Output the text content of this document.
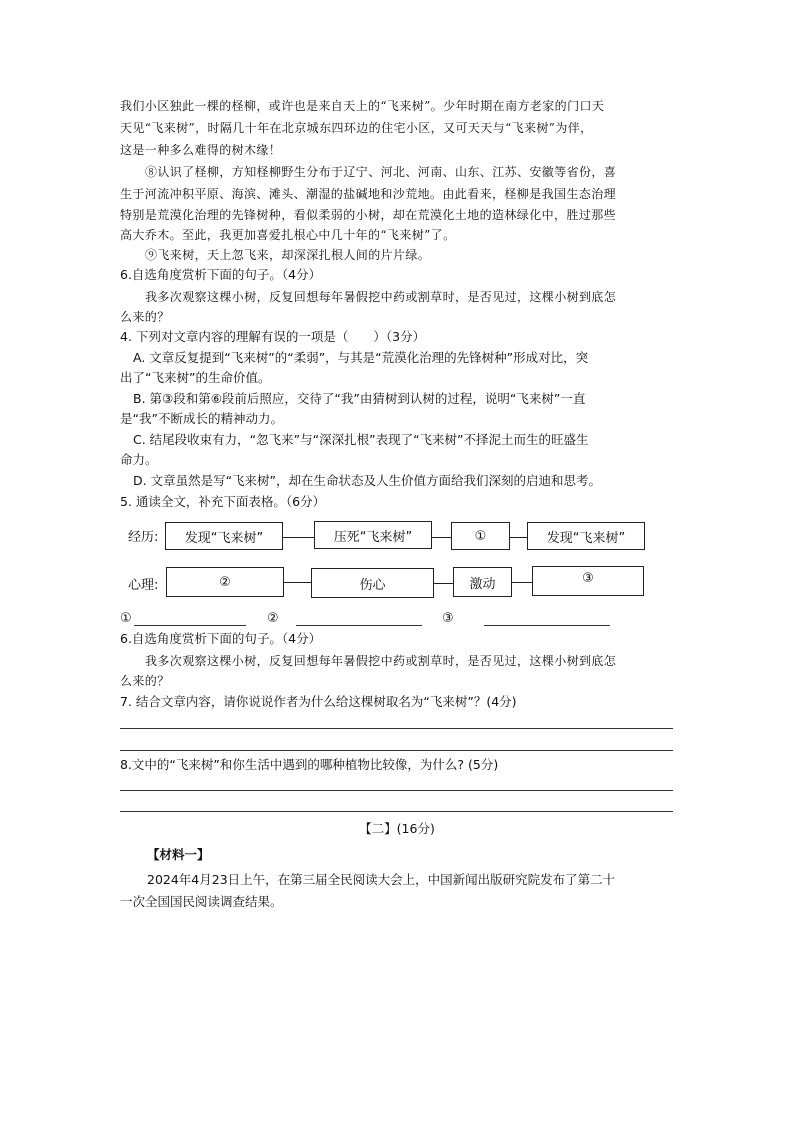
我们小区独此一棵的柽柳，或许也是来自天上的“飞来树”。少年时期在南方老家的门口天
天见“飞来树”，时隔几十年在北京城东四环边的住宅小区，又可天天与“飞来树”为伴，
这是一种多么难得的树木缘！
⑧认识了柽柳，方知柽柳野生分布于辽宁、河北、河南、山东、江苏、安徽等省份，喜
生于河流冲积平原、海滨、滩头、潮湿的盐碱地和沙荒地。由此看来，柽柳是我国生态治理
特别是荒漠化治理的先锋树种，看似柔弱的小树，却在荒漠化土地的造林绿化中，胜过那些
高大乔木。至此，我更加喜爱扎根心中几十年的“飞来树”了。
⑨飞来树，天上忽飞来，却深深扎根人间的片片绿。
6.自选角度赏析下面的句子。（4分）
我多次观察这棵小树，反复回想每年暑假挖中药或割草时，是否见过，这棵小树到底怎
么来的？
4. 下列对文章内容的理解有误的一项是（　　）（3分）
A. 文章反复提到“飞来树”的“柔弱”，与其是“荒漠化治理的先锋树种”形成对比，突
出了“飞来树”的生命价值。
B. 第③段和第⑥段前后照应，交待了“我”由猜树到认树的过程，说明“飞来树”一直
是“我”不断成长的精神动力。
C. 结尾段收束有力，“忽飞来”与“深深扎根”表现了“飞来树”不择泥土而生的旺盛生
命力。
D. 文章虽然是写“飞来树”，却在生命状态及人生价值方面给我们深刻的启迪和思考。
5. 通读全文，补充下面表格。（6分）
经历:	发现“飞来树”	压死“飞来树”	①	发现“飞来树”
心理:	②	伤心	激动	③
①	②	③
6.自选角度赏析下面的句子。（4分）
我多次观察这棵小树，反复回想每年暑假挖中药或割草时，是否见过，这棵小树到底怎
么来的？
7. 结合文章内容，请你说说作者为什么给这棵树取名为“飞来树”？(4分)
8.文中的“飞来树”和你生活中遇到的哪种植物比较像，为什么? (5分)
【二】(16分)
【材料一】
2024年4月23日上午，在第三届全民阅读大会上，中国新闻出版研究院发布了第二十
一次全国国民阅读调查结果。
